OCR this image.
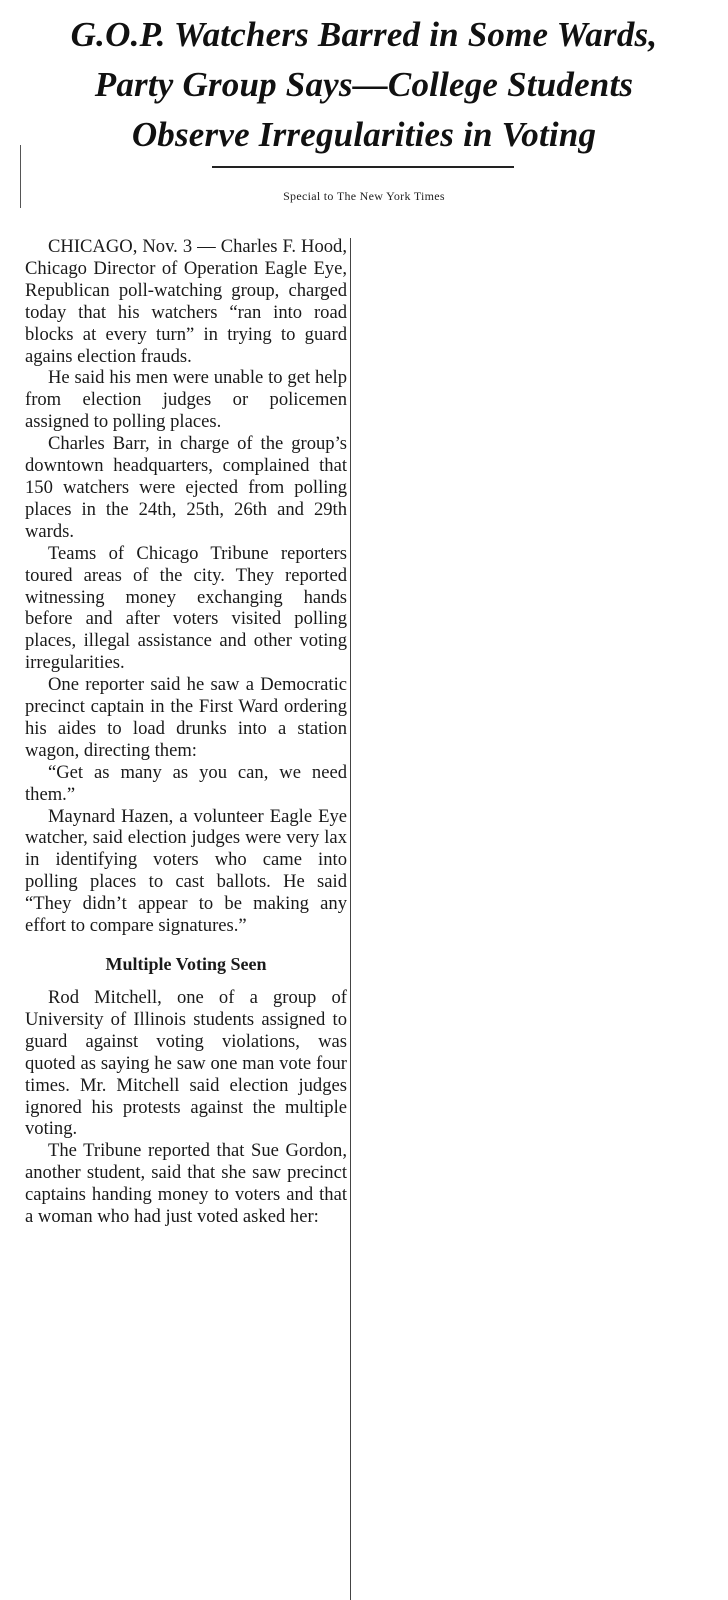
G.O.P. Watchers Barred in Some Wards,
Party Group Says—College Students
Observe Irregularities in Voting
Special to The New York Times

CHICAGO, Nov. 3 — Charles F. Hood, Chicago Director of Operation Eagle Eye, Republican poll-watching group, charged today that his watchers “ran into road blocks at every turn” in trying to guard agains election frauds.

He said his men were unable to get help from election judges or policemen assigned to polling places.

Charles Barr, in charge of the group’s downtown headquarters, complained that 150 watchers were ejected from polling places in the 24th, 25th, 26th and 29th wards.

Teams of Chicago Tribune reporters toured areas of the city. They reported witnessing money exchanging hands before and after voters visited polling places, illegal assistance and other voting irregularities.

One reporter said he saw a Democratic precinct captain in the First Ward ordering his aides to load drunks into a station wagon, directing them:

“Get as many as you can, we need them.”

Maynard Hazen, a volunteer Eagle Eye watcher, said election judges were very lax in identifying voters who came into polling places to cast ballots. He said “They didn’t appear to be making any effort to compare signatures.”

Multiple Voting Seen

Rod Mitchell, one of a group of University of Illinois students assigned to guard against voting violations, was quoted as saying he saw one man vote four times. Mr. Mitchell said election judges ignored his protests against the multiple voting.

The Tribune reported that Sue Gordon, another student, said that she saw precinct captains handing money to voters and that a woman who had just voted asked her:
